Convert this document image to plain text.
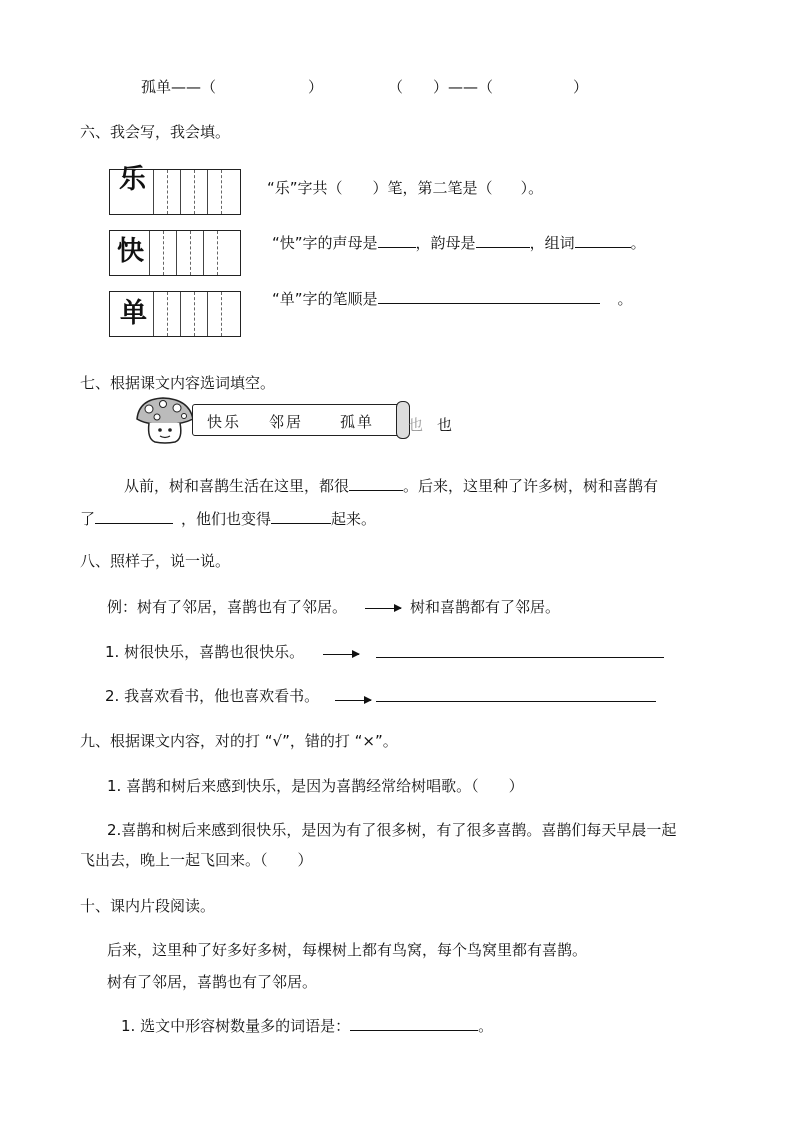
孤单——（	）	（ ）——（	）
六、我会写，我会填。
乐
快
单
“乐”字共（ ）笔，第二笔是（ ）。
“快”字的声母是	，韵母是	，组词	。
“单”字的笔顺是	。
七、根据课文内容选词填空。
快乐 邻居 孤单 也 也
从前，树和喜鹊生活在这里，都很	。后来，这里种了许多树，树和喜鹊有
了	，他们也变得	起来。
八、照样子，说一说。
例：树有了邻居，喜鹊也有了邻居。	树和喜鹊都有了邻居。
1. 树很快乐，喜鹊也很快乐。
2. 我喜欢看书，他也喜欢看书。
九、根据课文内容，对的打 “√”，错的打 “×”。
1. 喜鹊和树后来感到快乐，是因为喜鹊经常给树唱歌。（　　）
2.喜鹊和树后来感到很快乐，是因为有了很多树，有了很多喜鹊。喜鹊们每天早晨一起
飞出去，晚上一起飞回来。（　　）
十、课内片段阅读。
后来，这里种了好多好多树，每棵树上都有鸟窝，每个鸟窝里都有喜鹊。
树有了邻居，喜鹊也有了邻居。
1. 选文中形容树数量多的词语是：	。
